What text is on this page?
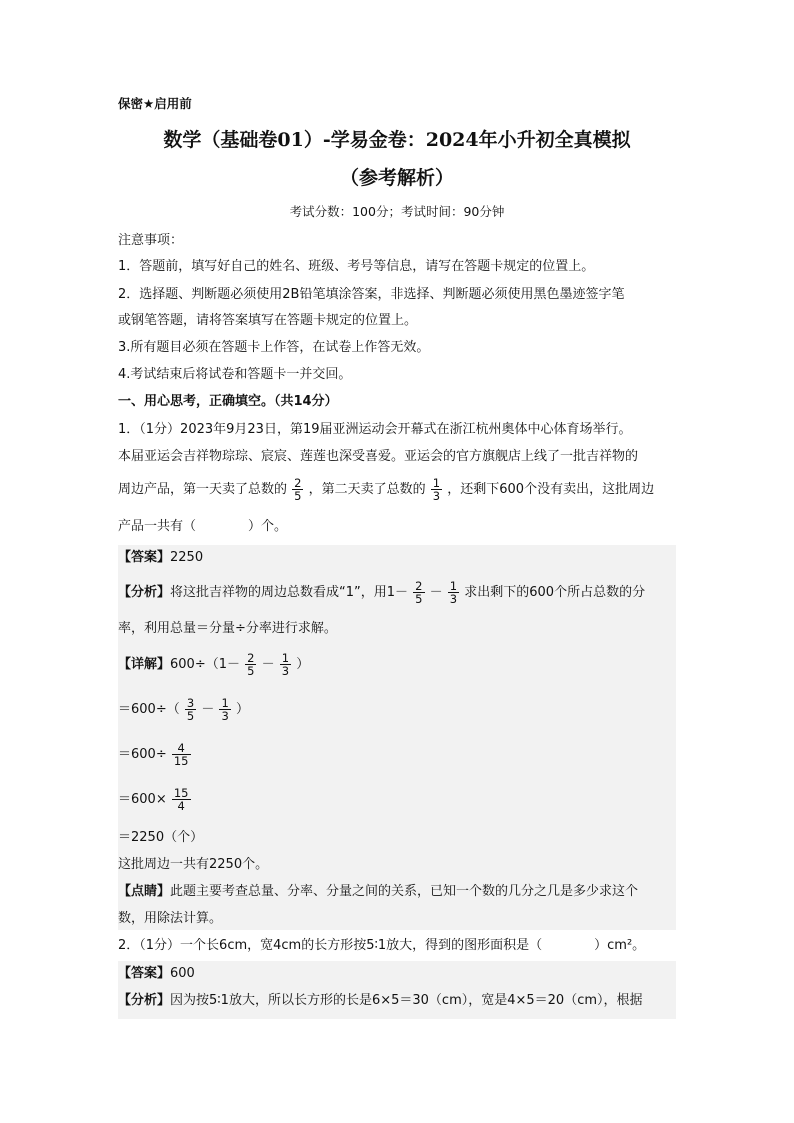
保密★启用前
数学（基础卷01）-学易金卷：2024年小升初全真模拟
（参考解析）
考试分数：100分；考试时间：90分钟
注意事项：
1．答题前，填写好自己的姓名、班级、考号等信息，请写在答题卡规定的位置上。
2．选择题、判断题必须使用2B铅笔填涂答案，非选择、判断题必须使用黑色墨迹签字笔
或钢笔答题，请将答案填写在答题卡规定的位置上。
3.所有题目必须在答题卡上作答，在试卷上作答无效。
4.考试结束后将试卷和答题卡一并交回。
一、用心思考，正确填空。（共14分）
1．（1分）2023年9月23日，第19届亚洲运动会开幕式在浙江杭州奥体中心体育场举行。
本届亚运会吉祥物琮琮、宸宸、莲莲也深受喜爱。亚运会的官方旗舰店上线了一批吉祥物的
周边产品，第一天卖了总数的 $\frac{2}{5}$ ，第二天卖了总数的 $\frac{1}{3}$ ，还剩下600个没有卖出，这批周边
产品一共有（	）个。
【答案】2250
【分析】将这批吉祥物的周边总数看成“1”，用$1- \frac{2}{5} - \frac{1}{3}$ 求出剩下的600个所占总数的分
率，利用总量＝分量÷分率进行求解。
【详解】$600\div(1- \frac{2}{5} - \frac{1}{3}$ ）
$=600\div( \frac{3}{5} - \frac{1}{3}$ ）
$=600\div \frac{4}{15}$
$=600\times \frac{15}{4}$
＝2250（个）
这批周边一共有2250个。
【点睛】此题主要考查总量、分率、分量之间的关系，已知一个数的几分之几是多少求这个
数，用除法计算。
2．（1分）一个长6cm，宽4cm的长方形按5∶1放大，得到的图形面积是（	）cm²。
【答案】600
【分析】因为按5∶1放大，所以长方形的长是6×5＝30（cm），宽是4×5＝20（cm），根据
